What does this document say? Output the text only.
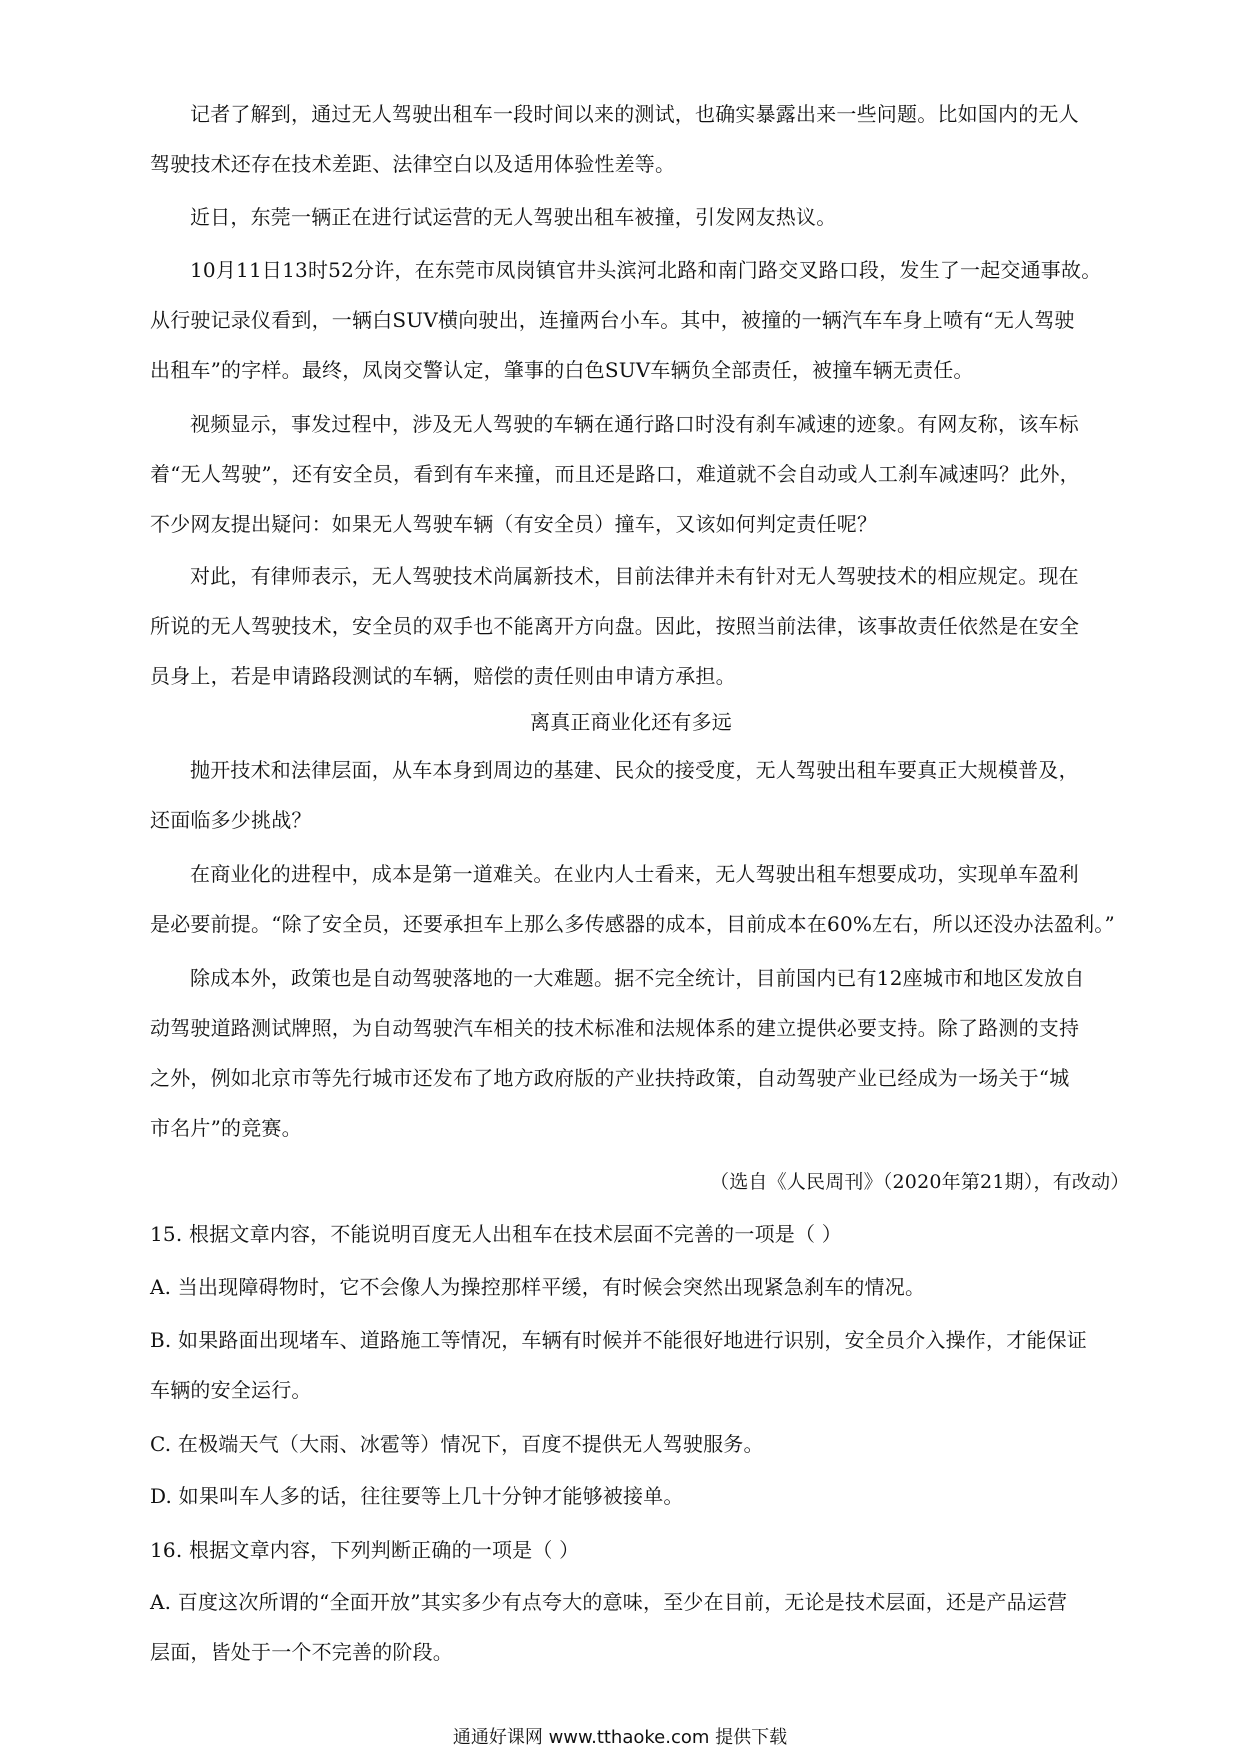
记者了解到，通过无人驾驶出租车一段时间以来的测试，也确实暴露出来一些问题。比如国内的无人
驾驶技术还存在技术差距、法律空白以及适用体验性差等。
近日，东莞一辆正在进行试运营的无人驾驶出租车被撞，引发网友热议。
10月11日13时52分许，在东莞市凤岗镇官井头滨河北路和南门路交叉路口段，发生了一起交通事故。
从行驶记录仪看到，一辆白SUV横向驶出，连撞两台小车。其中，被撞的一辆汽车车身上喷有“无人驾驶
出租车”的字样。最终，凤岗交警认定，肇事的白色SUV车辆负全部责任，被撞车辆无责任。
视频显示，事发过程中，涉及无人驾驶的车辆在通行路口时没有刹车减速的迹象。有网友称，该车标
着“无人驾驶”，还有安全员，看到有车来撞，而且还是路口，难道就不会自动或人工刹车减速吗？此外，
不少网友提出疑问：如果无人驾驶车辆（有安全员）撞车，又该如何判定责任呢？
对此，有律师表示，无人驾驶技术尚属新技术，目前法律并未有针对无人驾驶技术的相应规定。现在
所说的无人驾驶技术，安全员的双手也不能离开方向盘。因此，按照当前法律，该事故责任依然是在安全
员身上，若是申请路段测试的车辆，赔偿的责任则由申请方承担。
离真正商业化还有多远
抛开技术和法律层面，从车本身到周边的基建、民众的接受度，无人驾驶出租车要真正大规模普及，
还面临多少挑战？
在商业化的进程中，成本是第一道难关。在业内人士看来，无人驾驶出租车想要成功，实现单车盈利
是必要前提。“除了安全员，还要承担车上那么多传感器的成本，目前成本在60%左右，所以还没办法盈利。”
除成本外，政策也是自动驾驶落地的一大难题。据不完全统计，目前国内已有12座城市和地区发放自
动驾驶道路测试牌照，为自动驾驶汽车相关的技术标准和法规体系的建立提供必要支持。除了路测的支持
之外，例如北京市等先行城市还发布了地方政府版的产业扶持政策，自动驾驶产业已经成为一场关于“城
市名片”的竞赛。
（选自《人民周刊》（2020年第21期），有改动）
15. 根据文章内容，不能说明百度无人出租车在技术层面不完善的一项是（ ）
A. 当出现障碍物时，它不会像人为操控那样平缓，有时候会突然出现紧急刹车的情况。
B. 如果路面出现堵车、道路施工等情况，车辆有时候并不能很好地进行识别，安全员介入操作，才能保证
车辆的安全运行。
C. 在极端天气（大雨、冰雹等）情况下，百度不提供无人驾驶服务。
D. 如果叫车人多的话，往往要等上几十分钟才能够被接单。
16. 根据文章内容，下列判断正确的一项是（ ）
A. 百度这次所谓的“全面开放”其实多少有点夸大的意味，至少在目前，无论是技术层面，还是产品运营
层面，皆处于一个不完善的阶段。
通通好课网 www.tthaoke.com 提供下载
